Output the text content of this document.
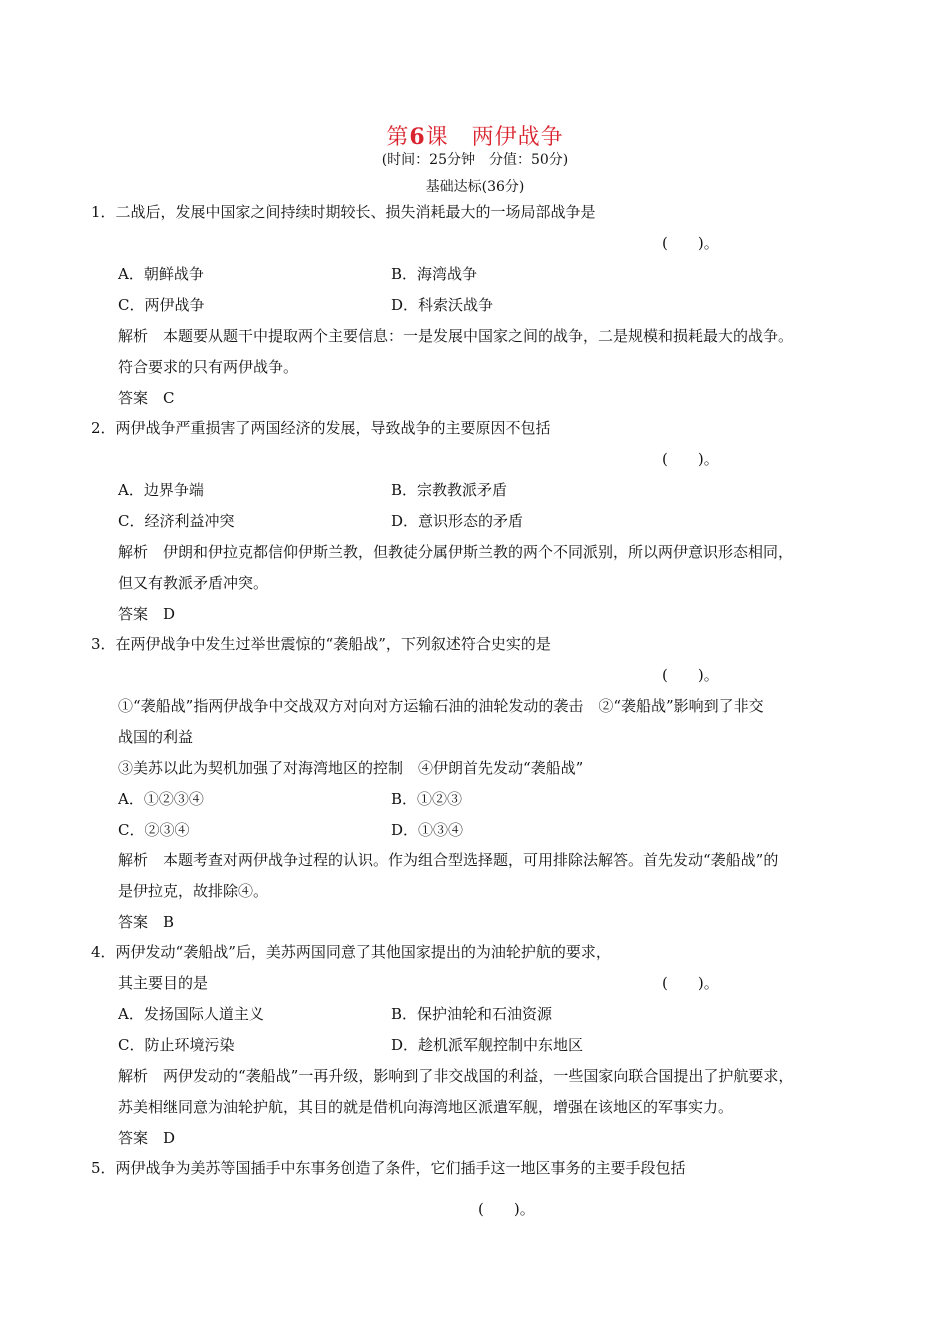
第6课　两伊战争
(时间：25分钟　分值：50分)
基础达标(36分)
1．二战后，发展中国家之间持续时期较长、损失消耗最大的一场局部战争是
(　　)。
A．朝鲜战争	B．海湾战争
C．两伊战争	D．科索沃战争
解析　本题要从题干中提取两个主要信息：一是发展中国家之间的战争，二是规模和损耗最大的战争。
符合要求的只有两伊战争。
答案　C
2．两伊战争严重损害了两国经济的发展，导致战争的主要原因不包括
(　　)。
A．边界争端	B．宗教教派矛盾
C．经济利益冲突	D．意识形态的矛盾
解析　伊朗和伊拉克都信仰伊斯兰教，但教徒分属伊斯兰教的两个不同派别，所以两伊意识形态相同，
但又有教派矛盾冲突。
答案　D
3．在两伊战争中发生过举世震惊的“袭船战”，下列叙述符合史实的是
(　　)。
①“袭船战”指两伊战争中交战双方对向对方运输石油的油轮发动的袭击　②“袭船战”影响到了非交
战国的利益
③美苏以此为契机加强了对海湾地区的控制　④伊朗首先发动“袭船战”
A．①②③④	B．①②③
C．②③④	D．①③④
解析　本题考查对两伊战争过程的认识。作为组合型选择题，可用排除法解答。首先发动“袭船战”的
是伊拉克，故排除④。
答案　B
4．两伊发动“袭船战”后，美苏两国同意了其他国家提出的为油轮护航的要求，
其主要目的是	(　　)。
A．发扬国际人道主义	B．保护油轮和石油资源
C．防止环境污染	D．趁机派军舰控制中东地区
解析　两伊发动的“袭船战”一再升级，影响到了非交战国的利益，一些国家向联合国提出了护航要求，
苏美相继同意为油轮护航，其目的就是借机向海湾地区派遣军舰，增强在该地区的军事实力。
答案　D
5．两伊战争为美苏等国插手中东事务创造了条件，它们插手这一地区事务的主要手段包括
(　　)。
